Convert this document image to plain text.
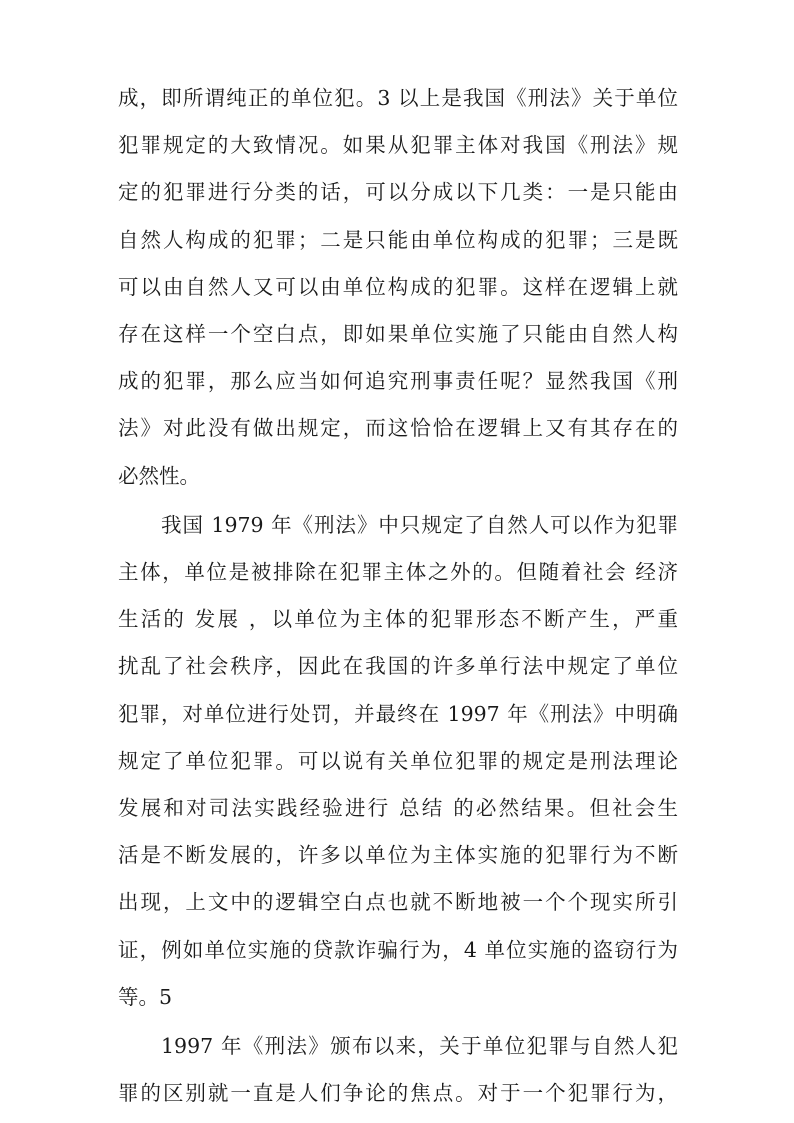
成，即所谓纯正的单位犯。3 以上是我国《刑法》关于单位
犯罪规定的大致情况。如果从犯罪主体对我国《刑法》规
定的犯罪进行分类的话，可以分成以下几类：一是只能由
自然人构成的犯罪；二是只能由单位构成的犯罪；三是既
可以由自然人又可以由单位构成的犯罪。这样在逻辑上就
存在这样一个空白点，即如果单位实施了只能由自然人构
成的犯罪，那么应当如何追究刑事责任呢？显然我国《刑
法》对此没有做出规定，而这恰恰在逻辑上又有其存在的
必然性。
我国 1979 年《刑法》中只规定了自然人可以作为犯罪
主体，单位是被排除在犯罪主体之外的。但随着社会 经济
生活的 发展 ，以单位为主体的犯罪形态不断产生，严重
扰乱了社会秩序，因此在我国的许多单行法中规定了单位
犯罪，对单位进行处罚，并最终在 1997 年《刑法》中明确
规定了单位犯罪。可以说有关单位犯罪的规定是刑法理论
发展和对司法实践经验进行 总结 的必然结果。但社会生
活是不断发展的，许多以单位为主体实施的犯罪行为不断
出现，上文中的逻辑空白点也就不断地被一个个现实所引
证，例如单位实施的贷款诈骗行为，4 单位实施的盗窃行为
等。5
1997 年《刑法》颁布以来，关于单位犯罪与自然人犯
罪的区别就一直是人们争论的焦点。对于一个犯罪行为，
